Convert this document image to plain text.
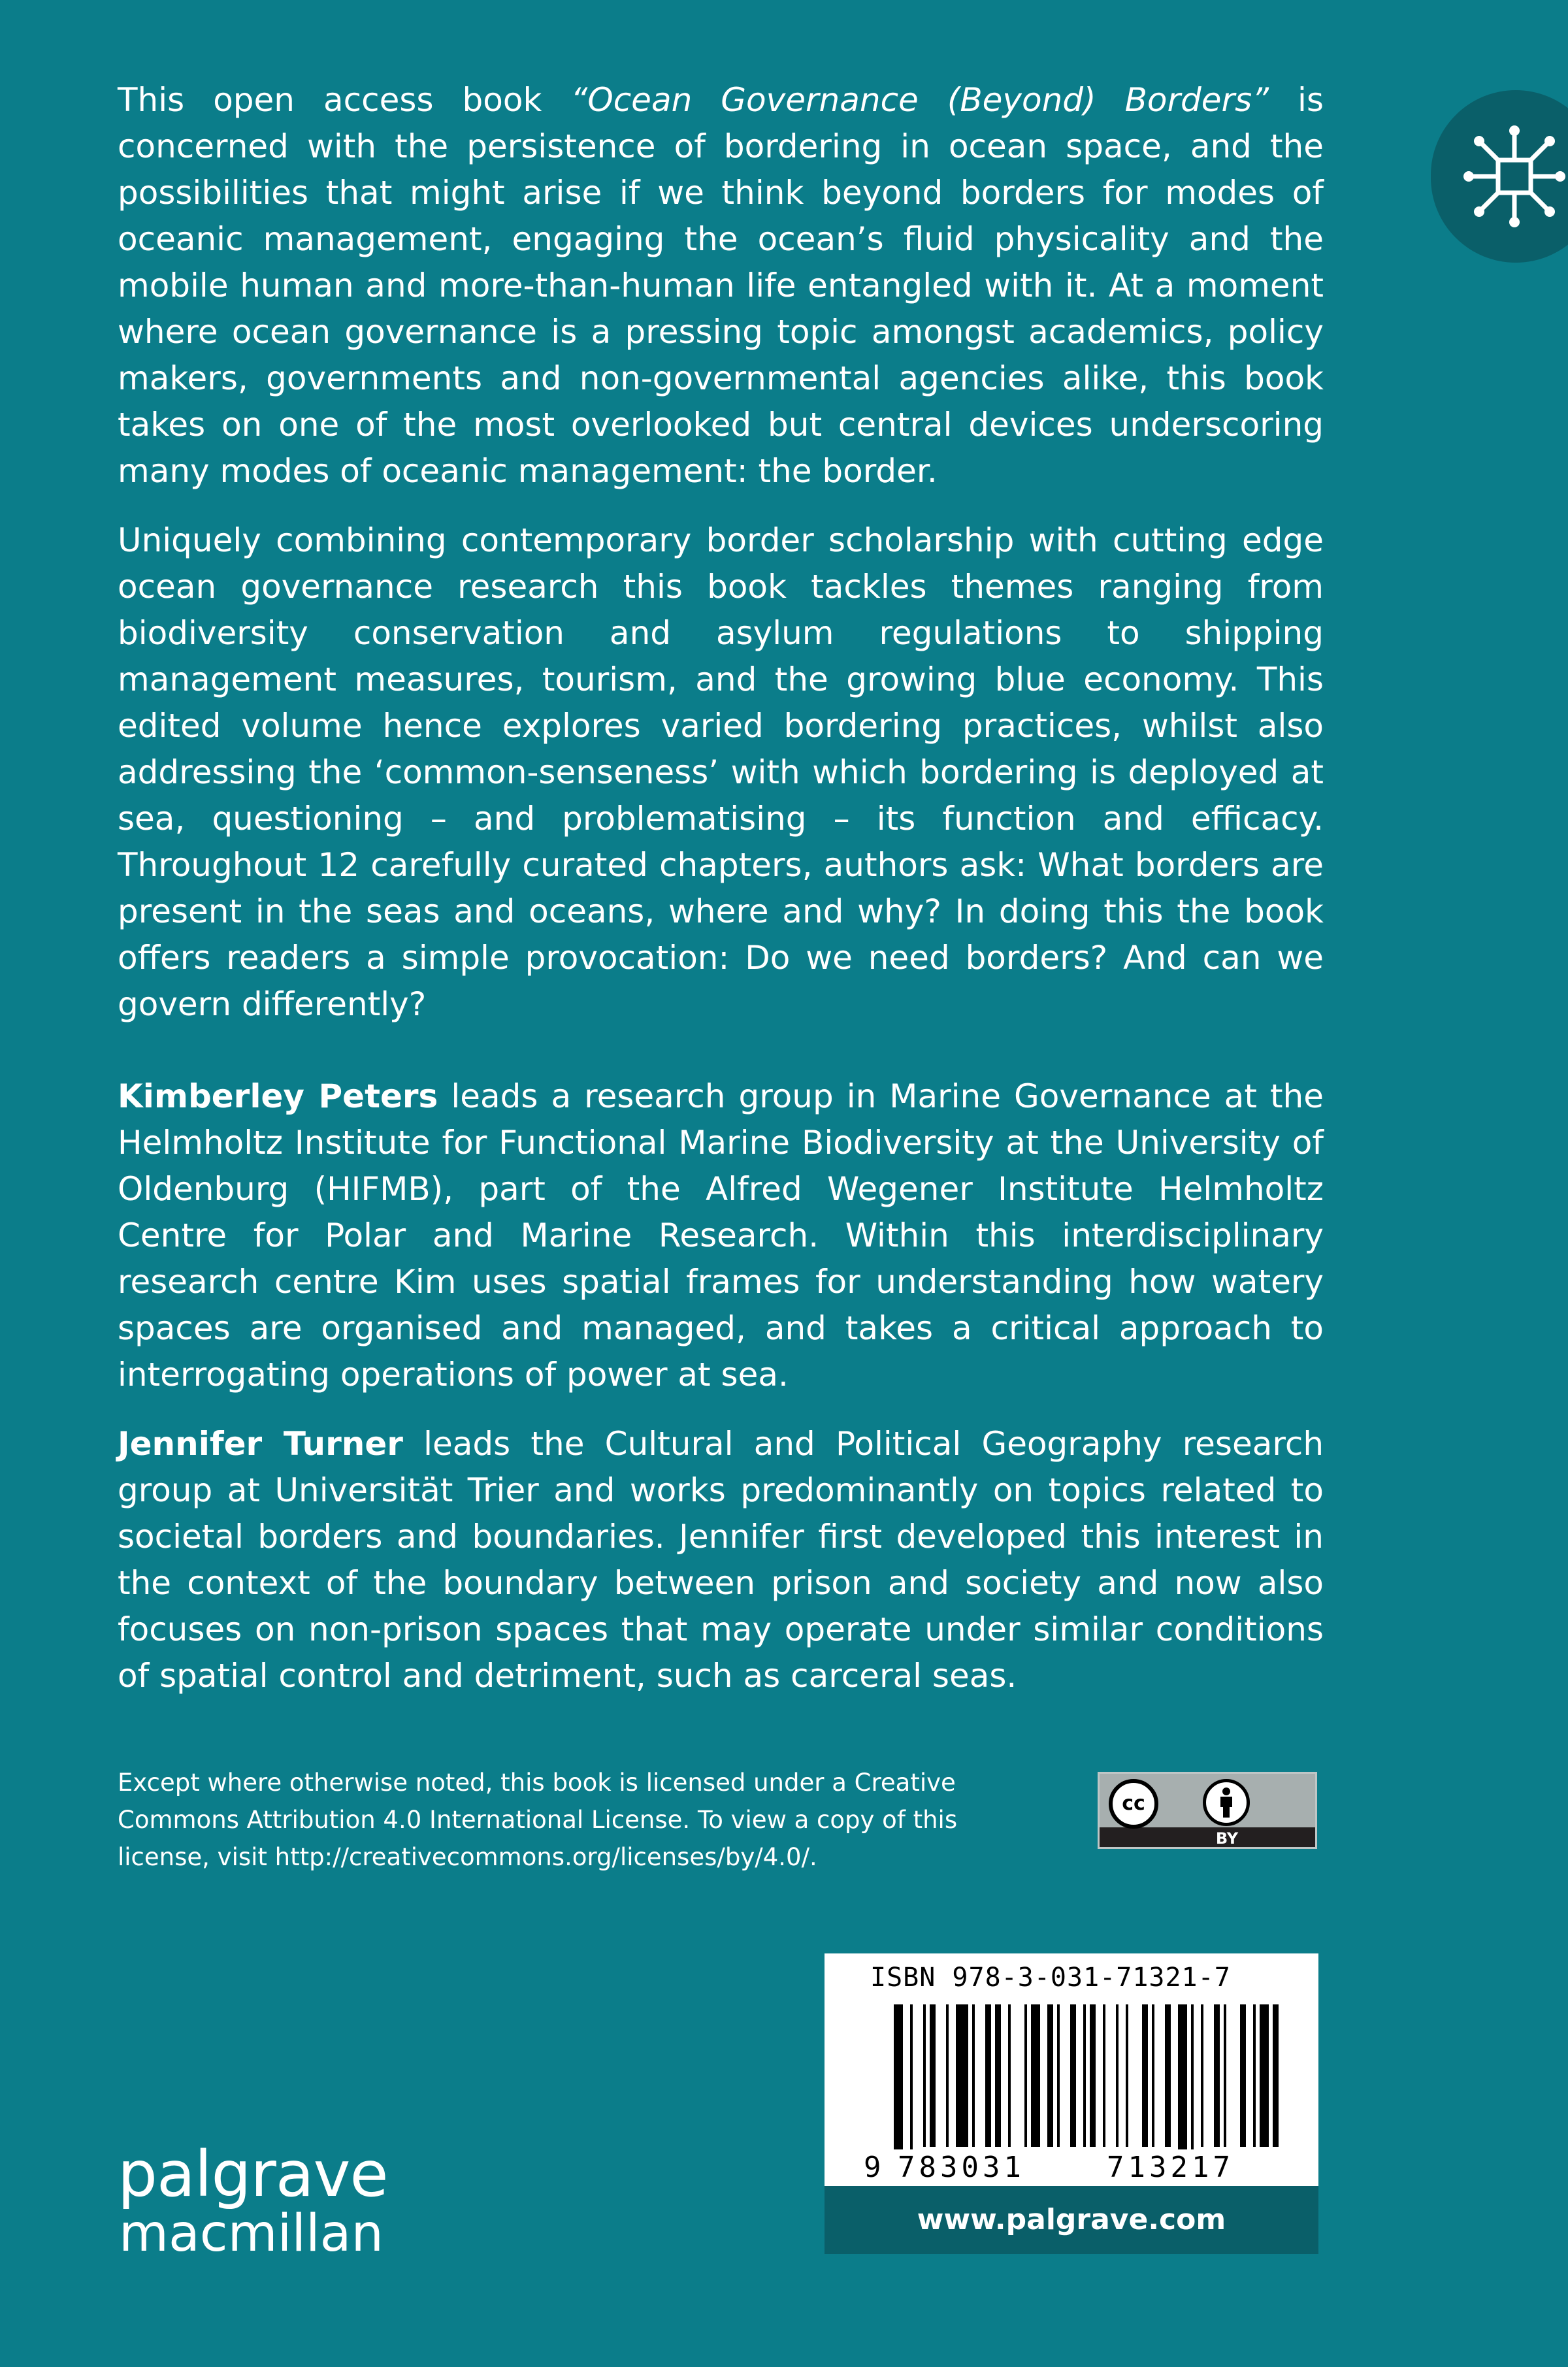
This open access book “Ocean Governance (Beyond) Borders” is concerned with the persistence of bordering in ocean space, and the possibilities that might arise if we think beyond borders for modes of oceanic management, engaging the ocean’s fluid physicality and the mobile human and more-than-human life entangled with it. At a moment where ocean governance is a pressing topic amongst academics, policy makers, governments and non-governmental agencies alike, this book takes on one of the most overlooked but central devices underscoring many modes of oceanic management: the border.

Uniquely combining contemporary border scholarship with cutting edge ocean governance research this book tackles themes ranging from biodiversity conservation and asylum regulations to shipping management measures, tourism, and the growing blue economy. This edited volume hence explores varied bordering practices, whilst also addressing the ‘common-senseness’ with which bordering is deployed at sea, questioning – and problematising – its function and efficacy. Throughout 12 carefully curated chapters, authors ask: What borders are present in the seas and oceans, where and why? In doing this the book offers readers a simple provocation: Do we need borders? And can we govern differently?

Kimberley Peters leads a research group in Marine Governance at the Helmholtz Institute for Functional Marine Biodiversity at the University of Oldenburg (HIFMB), part of the Alfred Wegener Institute Helmholtz Centre for Polar and Marine Research. Within this interdisciplinary research centre Kim uses spatial frames for understanding how watery spaces are organised and managed, and takes a critical approach to interrogating operations of power at sea.

Jennifer Turner leads the Cultural and Political Geography research group at Universität Trier and works predominantly on topics related to societal borders and boundaries. Jennifer first developed this interest in the context of the boundary between prison and society and now also focuses on non-prison spaces that may operate under similar conditions of spatial control and detriment, such as carceral seas.

Except where otherwise noted, this book is licensed under a Creative
Commons Attribution 4.0 International License. To view a copy of this
license, visit http://creativecommons.org/licenses/by/4.0/.
cc
BY
ISBN 978-3-031-71321-7
9 783031	713217
www.palgrave.com
palgrave
macmillan
